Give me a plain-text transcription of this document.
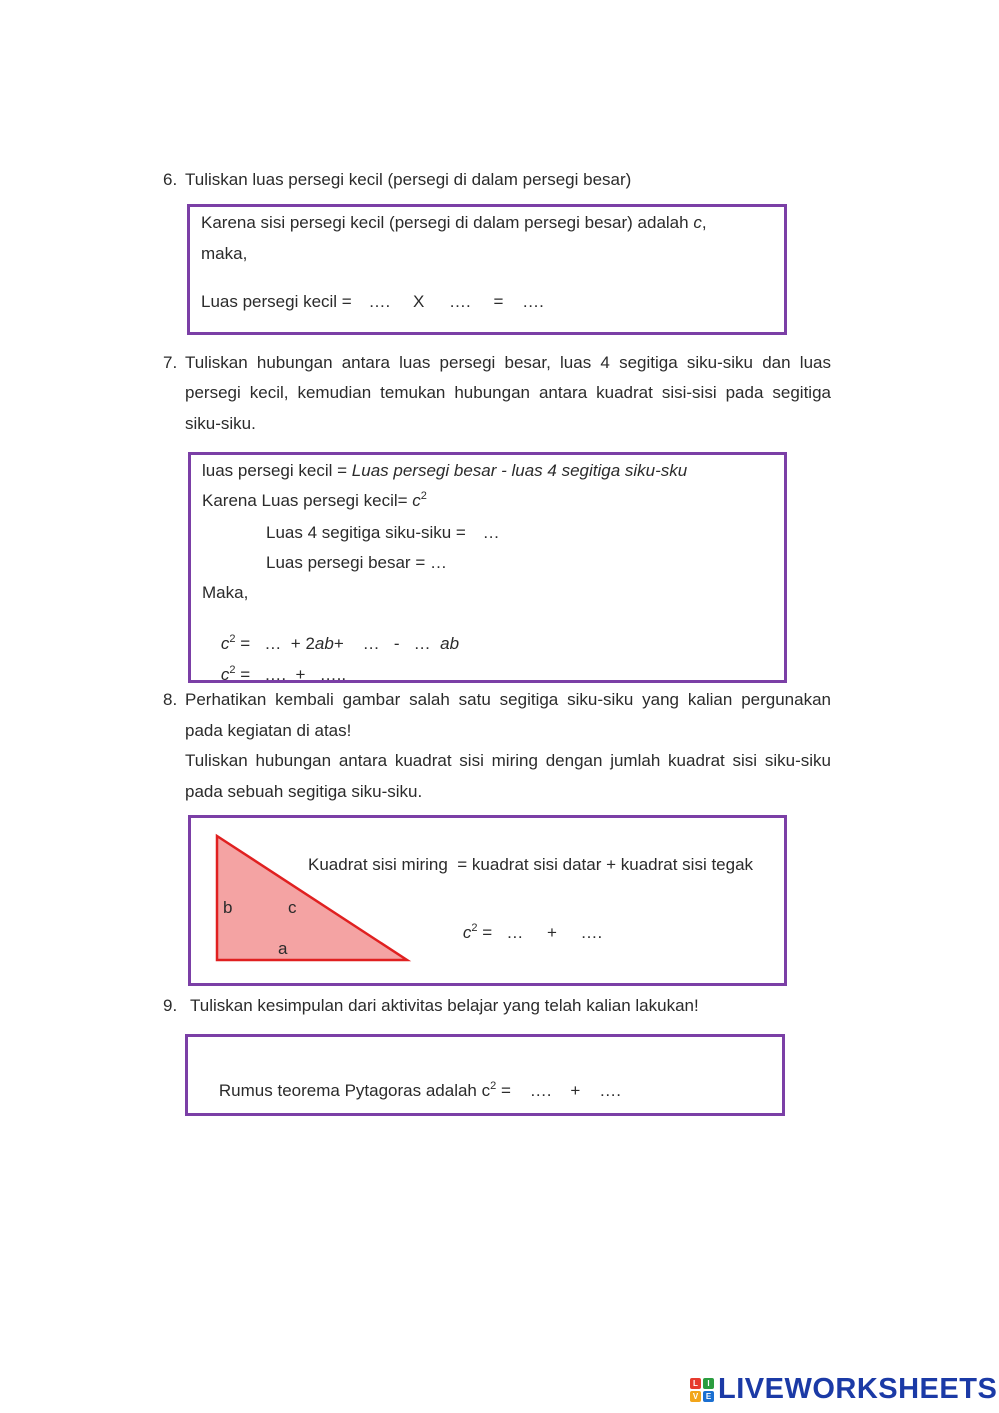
6. Tuliskan luas persegi kecil (persegi di dalam persegi besar)
Karena sisi persegi kecil (persegi di dalam persegi besar) adalah c,
maka,
Luas persegi kecil = …. X …. = ….
7. Tuliskan hubungan antara luas persegi besar, luas 4 segitiga siku-siku dan luas
persegi kecil, kemudian temukan hubungan antara kuadrat sisi-sisi pada segitiga
siku-siku.
luas persegi kecil = Luas persegi besar - luas 4 segitiga siku-sku
Karena Luas persegi kecil= $c^2$
Luas 4 segitiga siku-siku = …
Luas persegi besar = …
Maka,

$c^2$ =   …  + 2ab+    …   -   … ab

$c^2$ =   ….  +   …..

8. Perhatikan kembali gambar salah satu segitiga siku-siku yang kalian pergunakan
pada kegiatan di atas!
Tuliskan hubungan antara kuadrat sisi miring dengan jumlah kuadrat sisi siku-siku
pada sebuah segitiga siku-siku.
b	c
a
Kuadrat sisi miring  = kuadrat sisi datar + kuadrat sisi tegak

$c^2$ =   …     +     ….

9. Tuliskan kesimpulan dari aktivitas belajar yang telah kalian lakukan!

Rumus teorema Pytagoras adalah $c^2$ =    ….    +    ….

L	I
V E LIVEWORKSHEETS
